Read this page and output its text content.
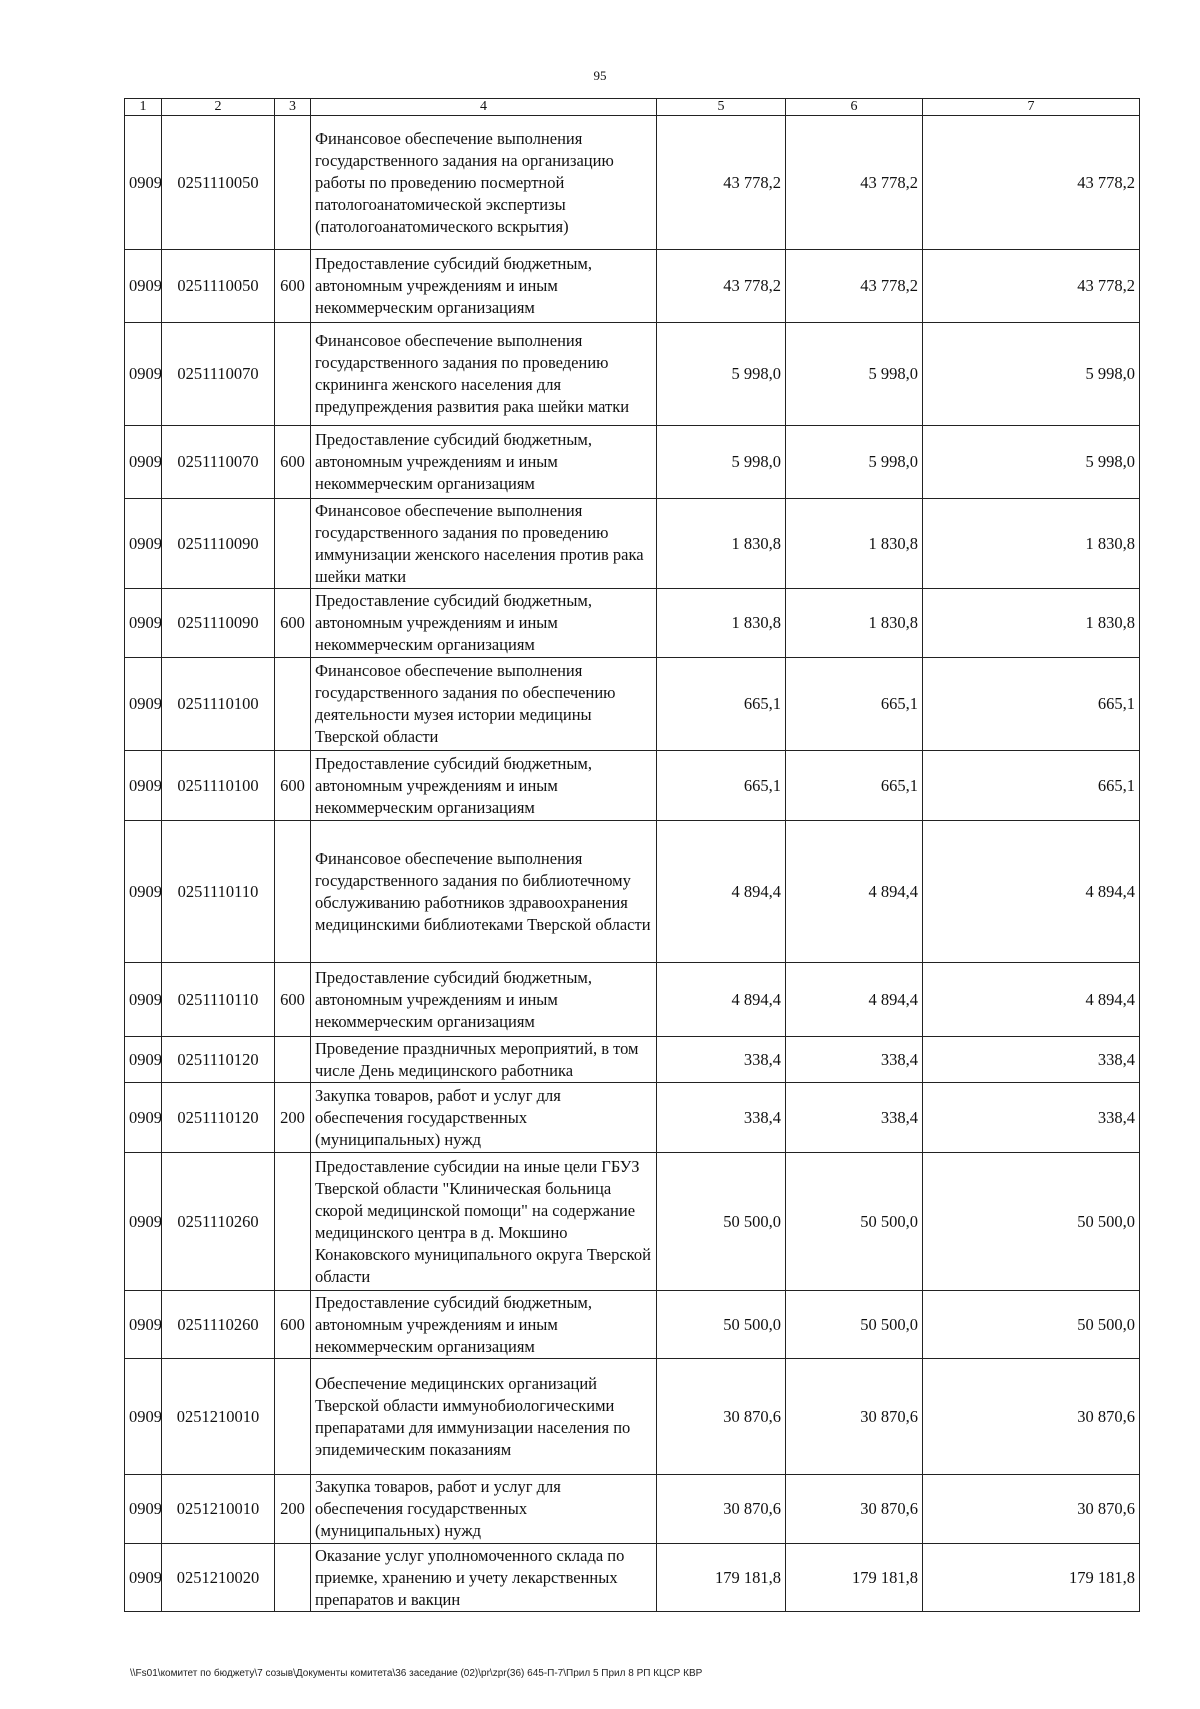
95
1	2	3	4	5	6	7
0909	0251110050		Финансовое обеспечение выполнения государственного задания на организацию работы по проведению посмертной патологоанатомической экспертизы (патологоанатомического вскрытия)	43 778,2	43 778,2	43 778,2
0909	0251110050	600	Предоставление субсидий бюджетным, автономным учреждениям и иным некоммерческим организациям	43 778,2	43 778,2	43 778,2
0909	0251110070		Финансовое обеспечение выполнения государственного задания по проведению скрининга женского населения для предупреждения развития рака шейки матки	5 998,0	5 998,0	5 998,0
0909	0251110070	600	Предоставление субсидий бюджетным, автономным учреждениям и иным некоммерческим организациям	5 998,0	5 998,0	5 998,0
0909	0251110090		Финансовое обеспечение выполнения государственного задания по проведению иммунизации женского населения против рака шейки матки	1 830,8	1 830,8	1 830,8
0909	0251110090	600	Предоставление субсидий бюджетным, автономным учреждениям и иным некоммерческим организациям	1 830,8	1 830,8	1 830,8
0909	0251110100		Финансовое обеспечение выполнения государственного задания по обеспечению деятельности музея истории медицины Тверской области	665,1	665,1	665,1
0909	0251110100	600	Предоставление субсидий бюджетным, автономным учреждениям и иным некоммерческим организациям	665,1	665,1	665,1
0909	0251110110		Финансовое обеспечение выполнения государственного задания по библиотечному обслуживанию работников здравоохранения медицинскими библиотеками Тверской области	4 894,4	4 894,4	4 894,4
0909	0251110110	600	Предоставление субсидий бюджетным, автономным учреждениям и иным некоммерческим организациям	4 894,4	4 894,4	4 894,4
0909	0251110120		Проведение праздничных мероприятий, в том числе День медицинского работника	338,4	338,4	338,4
0909	0251110120	200	Закупка товаров, работ и услуг для обеспечения государственных (муниципальных) нужд	338,4	338,4	338,4
0909	0251110260		Предоставление субсидии на иные цели ГБУЗ Тверской области "Клиническая больница скорой медицинской помощи" на содержание медицинского центра в д. Мокшино Конаковского муниципального округа Тверской области	50 500,0	50 500,0	50 500,0
0909	0251110260	600	Предоставление субсидий бюджетным, автономным учреждениям и иным некоммерческим организациям	50 500,0	50 500,0	50 500,0
0909	0251210010		Обеспечение медицинских организаций Тверской области иммунобиологическими препаратами для иммунизации населения по эпидемическим показаниям	30 870,6	30 870,6	30 870,6
0909	0251210010	200	Закупка товаров, работ и услуг для обеспечения государственных (муниципальных) нужд	30 870,6	30 870,6	30 870,6
0909	0251210020		Оказание услуг уполномоченного склада по приемке, хранению и учету лекарственных препаратов и вакцин	179 181,8	179 181,8	179 181,8
\\Fs01\комитет по бюджету\7 созыв\Документы комитета\36 заседание (02)\pr\zpr(36) 645-П-7\Прил 5 Прил 8 РП КЦСР КВР
